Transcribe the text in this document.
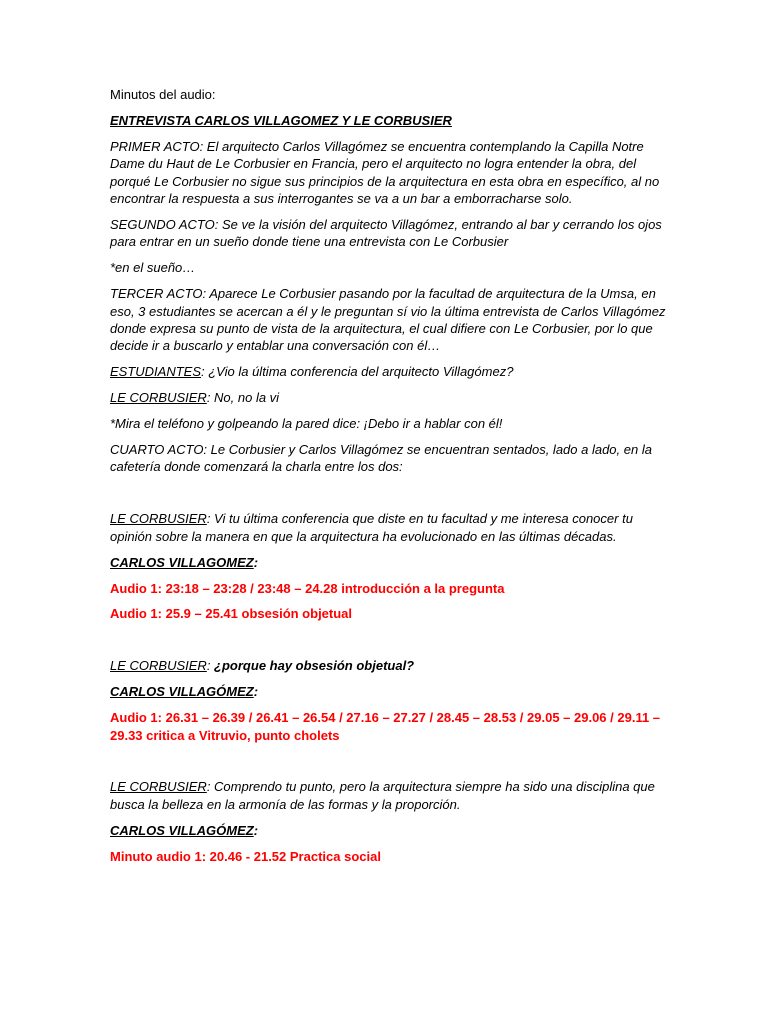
Minutos del audio:

ENTREVISTA CARLOS VILLAGOMEZ Y LE CORBUSIER

PRIMER ACTO: El arquitecto Carlos Villagómez se encuentra contemplando la Capilla Notre Dame du Haut de Le Corbusier en Francia, pero el arquitecto no logra entender la obra, del porqué Le Corbusier no sigue sus principios de la arquitectura en esta obra en específico, al no encontrar la respuesta a sus interrogantes se va a un bar a emborracharse solo.

SEGUNDO ACTO: Se ve la visión del arquitecto Villagómez, entrando al bar y cerrando los ojos para entrar en un sueño donde tiene una entrevista con Le Corbusier

*en el sueño…

TERCER ACTO: Aparece Le Corbusier pasando por la facultad de arquitectura de la Umsa, en eso, 3 estudiantes se acercan a él y le preguntan sí vio la última entrevista de Carlos Villagómez donde expresa su punto de vista de la arquitectura, el cual difiere con Le Corbusier, por lo que decide ir a buscarlo y entablar una conversación con él…

ESTUDIANTES: ¿Vio la última conferencia del arquitecto Villagómez?

LE CORBUSIER: No, no la vi

*Mira el teléfono y golpeando la pared dice: ¡Debo ir a hablar con él!

CUARTO ACTO: Le Corbusier y Carlos Villagómez se encuentran sentados, lado a lado, en la cafetería donde comenzará la charla entre los dos:

LE CORBUSIER: Vi tu última conferencia que diste en tu facultad y me interesa conocer tu opinión sobre la manera en que la arquitectura ha evolucionado en las últimas décadas.

CARLOS VILLAGOMEZ:

Audio 1: 23:18 – 23:28 / 23:48 – 24.28 introducción a la pregunta

Audio 1: 25.9 – 25.41 obsesión objetual

LE CORBUSIER: ¿porque hay obsesión objetual?

CARLOS VILLAGÓMEZ:

Audio 1: 26.31 – 26.39 / 26.41 – 26.54 / 27.16 – 27.27 / 28.45 – 28.53 / 29.05 – 29.06 / 29.11 – 29.33 critica a Vitruvio, punto cholets

LE CORBUSIER: Comprendo tu punto, pero la arquitectura siempre ha sido una disciplina que busca la belleza en la armonía de las formas y la proporción.

CARLOS VILLAGÓMEZ:

Minuto audio 1: 20.46 - 21.52 Practica social
